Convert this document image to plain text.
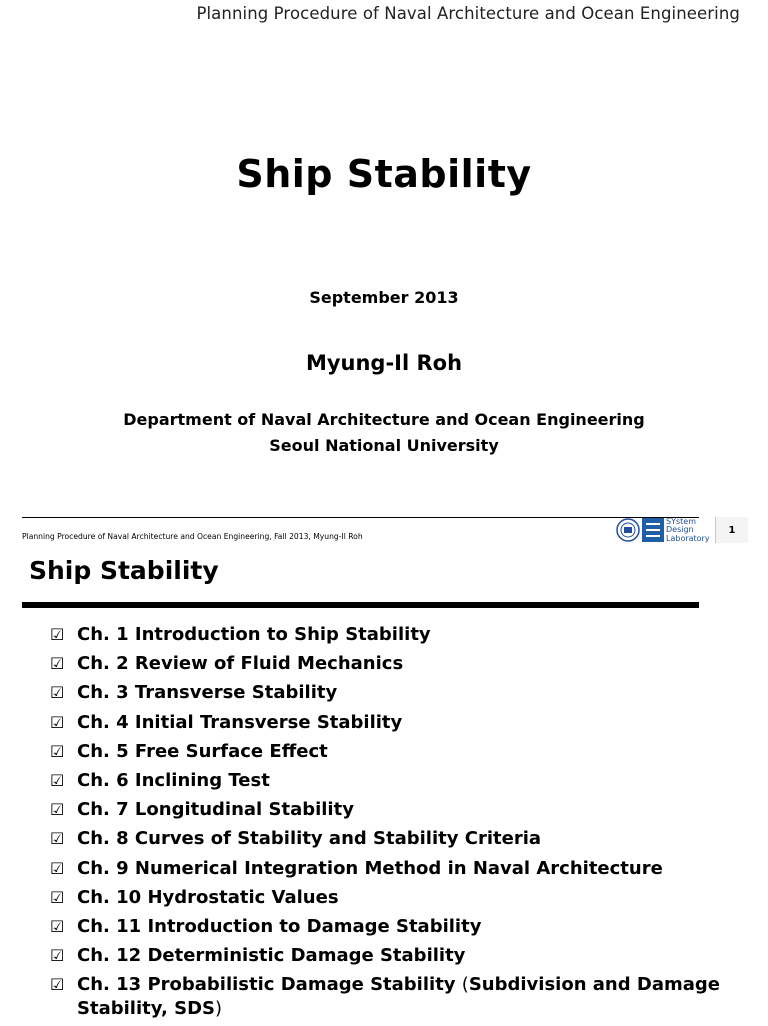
Planning Procedure of Naval Architecture and Ocean Engineering
Ship Stability
September 2013
Myung-Il Roh
Department of Naval Architecture and Ocean Engineering
Seoul National University
Planning Procedure of Naval Architecture and Ocean Engineering, Fall 2013, Myung-Il Roh
SYstem
Design
Laboratory
1
Ship Stability
☑ Ch. 1 Introduction to Ship Stability
☑ Ch. 2 Review of Fluid Mechanics
☑ Ch. 3 Transverse Stability
☑ Ch. 4 Initial Transverse Stability
☑ Ch. 5 Free Surface Effect
☑ Ch. 6 Inclining Test
☑ Ch. 7 Longitudinal Stability
☑ Ch. 8 Curves of Stability and Stability Criteria
☑ Ch. 9 Numerical Integration Method in Naval Architecture
☑ Ch. 10 Hydrostatic Values
☑ Ch. 11 Introduction to Damage Stability
☑ Ch. 12 Deterministic Damage Stability
☑ Ch. 13 Probabilistic Damage Stability (Subdivision and Damage
Stability, SDS)
